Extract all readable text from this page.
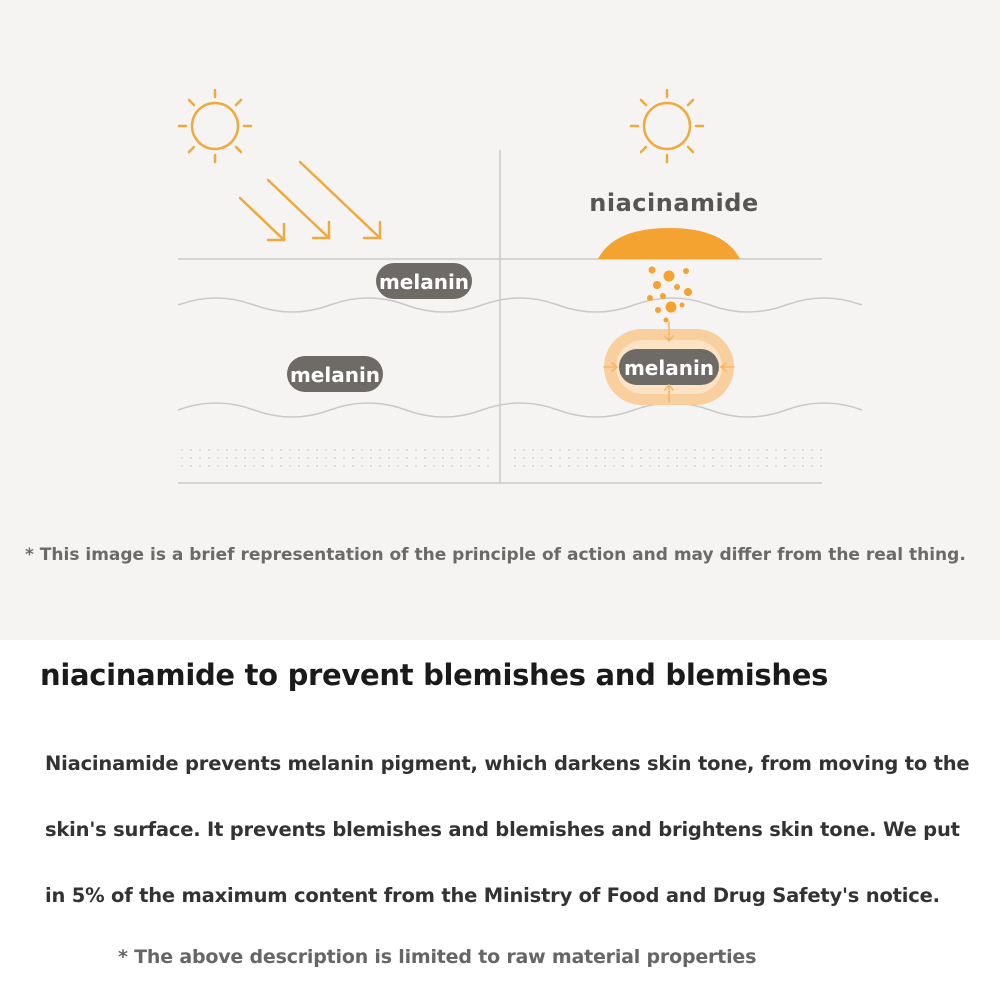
melanin
melanin
niacinamide
melanin
* This image is a brief representation of the principle of action and may differ from the real thing.
niacinamide to prevent blemishes and blemishes
Niacinamide prevents melanin pigment, which darkens skin tone, from moving to the
skin's surface. It prevents blemishes and blemishes and brightens skin tone. We put
in 5% of the maximum content from the Ministry of Food and Drug Safety's notice.
* The above description is limited to raw material properties
